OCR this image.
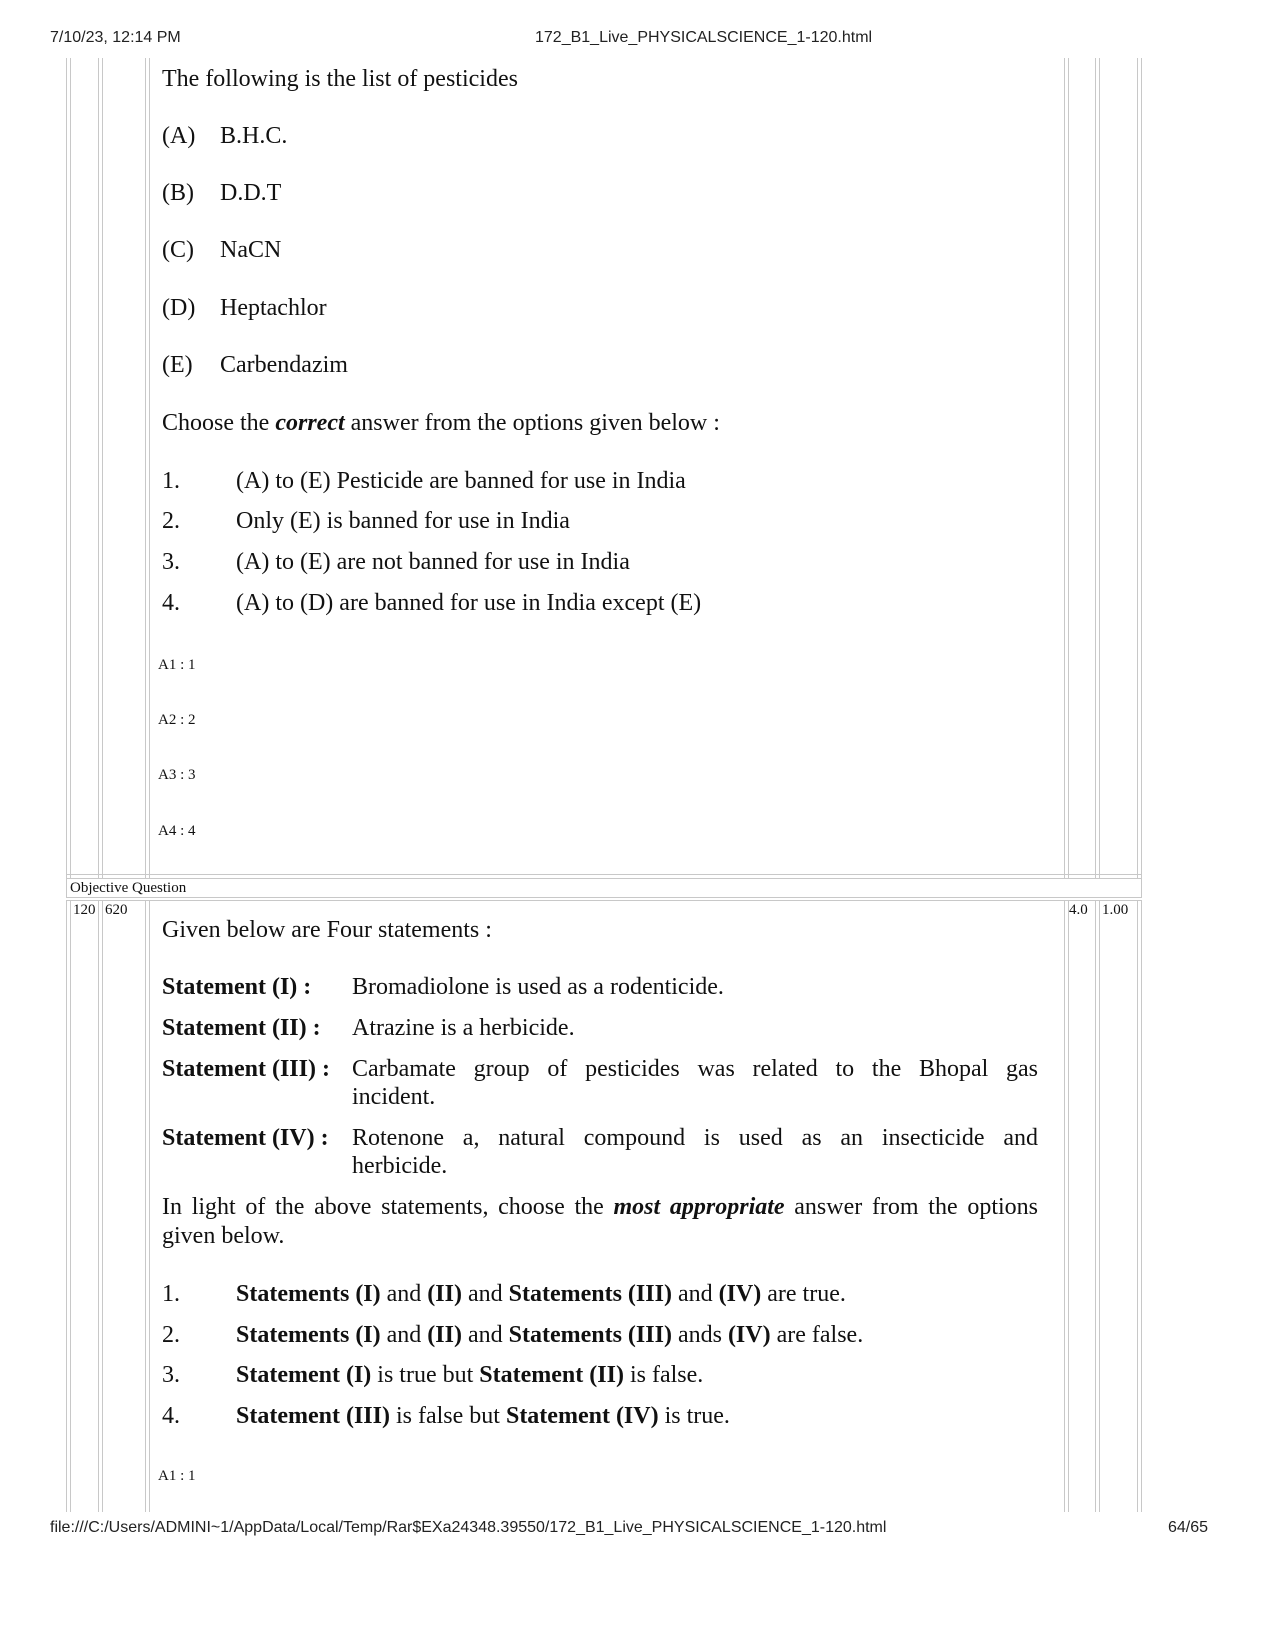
7/10/23, 12:14 PM	172_B1_Live_PHYSICALSCIENCE_1-120.html
The following is the list of pesticides
(A) B.H.C.
(B) D.D.T
(C) NaCN
(D) Heptachlor
(E) Carbendazim
Choose the correct answer from the options given below :
1. (A) to (E) Pesticide are banned for use in India
2. Only (E) is banned for use in India
3. (A) to (E) are not banned for use in India
4. (A) to (D) are banned for use in India except (E)
A1 : 1
A2 : 2
A3 : 3
A4 : 4
Objective Question
120 620	4.0 1.00
Given below are Four statements :
Statement (I) : Bromadiolone is used as a rodenticide.
Statement (II) : Atrazine is a herbicide.
Statement (III) : Carbamate group of pesticides was related to the Bhopal gas
incident.
Statement (IV) : Rotenone a, natural compound is used as an insecticide and
herbicide.
In light of the above statements, choose the most appropriate answer from the options
given below.
1. Statements (I) and (II) and Statements (III) and (IV) are true.
2. Statements (I) and (II) and Statements (III) ands (IV) are false.
3. Statement (I) is true but Statement (II) is false.
4. Statement (III) is false but Statement (IV) is true.
A1 : 1
file:///C:/Users/ADMINI~1/AppData/Local/Temp/Rar$EXa24348.39550/172_B1_Live_PHYSICALSCIENCE_1-120.html	64/65
